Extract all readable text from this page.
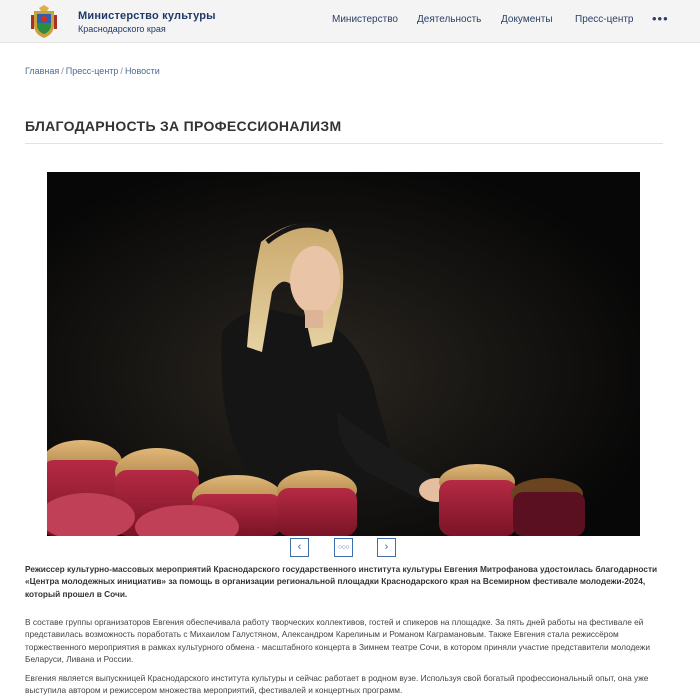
Министерство культуры
Краснодарского края
Министерство Деятельность Документы Пресс-центр •••
Главная / Пресс-центр / Новости
БЛАГОДАРНОСТЬ ЗА ПРОФЕССИОНАЛИЗМ
‹	○○○	›

Режиссер культурно-массовых мероприятий Краснодарского государственного института культуры Евгения Митрофанова удостоилась благодарности «Центра молодежных инициатив» за помощь в организации региональной площадки Краснодарского края на Всемирном фестивале молодежи-2024, который прошел в Сочи.

В составе группы организаторов Евгения обеспечивала работу творческих коллективов, гостей и спикеров на площадке. За пять дней работы на фестивале ей представилась возможность поработать с Михаилом Галустяном, Александром Карелиным и Романом Каграмановым. Также Евгения стала режиссёром торжественного мероприятия в рамках культурного обмена - масштабного концерта в Зимнем театре Сочи, в котором приняли участие представители молодежи Беларуси, Ливана и России.

Евгения является выпускницей Краснодарского института культуры и сейчас работает в родном вузе. Используя свой богатый профессиональный опыт, она уже выступила автором и режиссером множества мероприятий, фестивалей и концертных программ.
